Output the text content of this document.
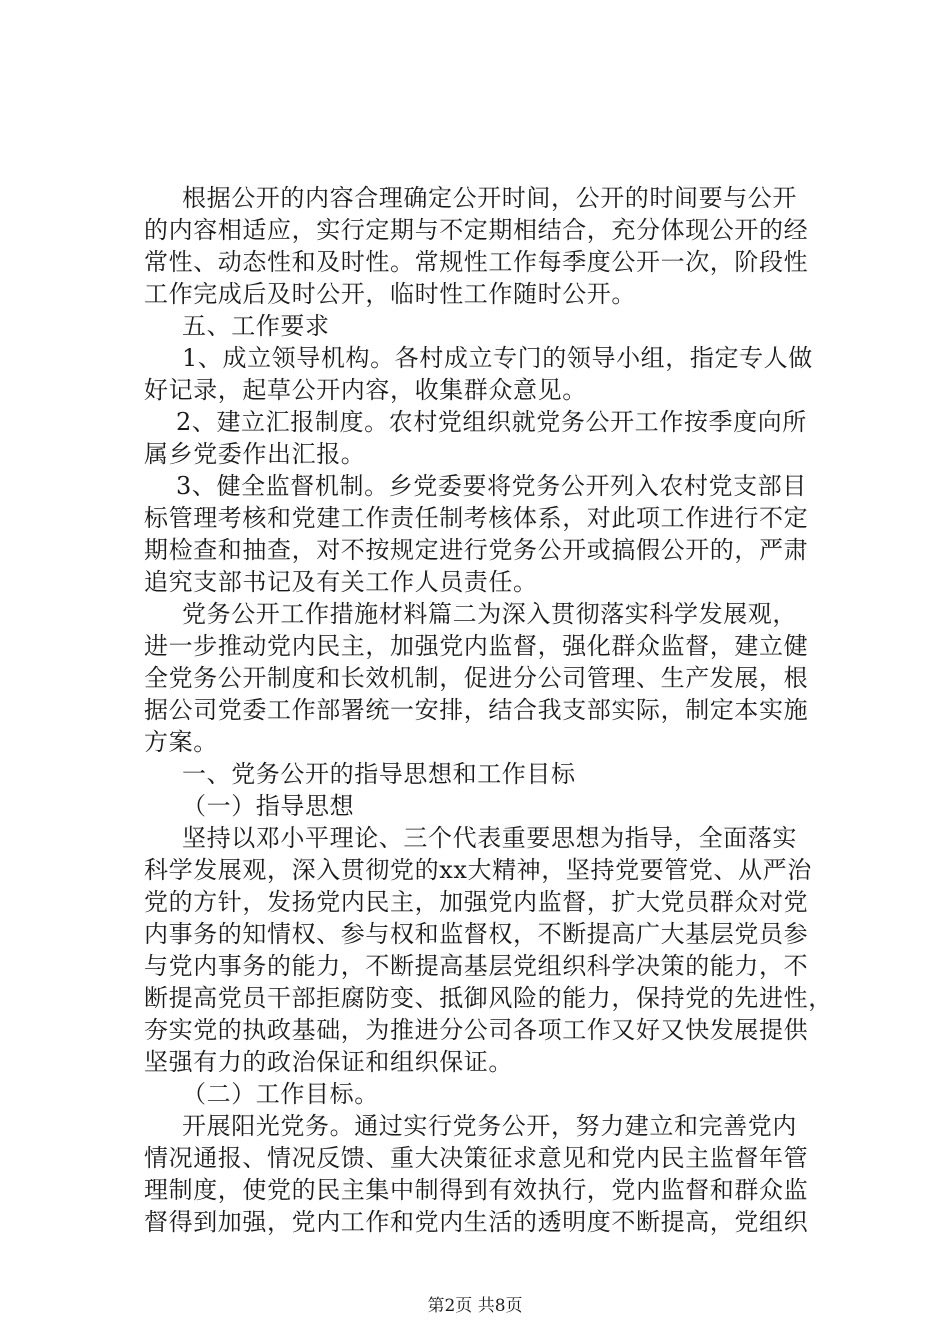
根据公开的内容合理确定公开时间，公开的时间要与公开
的内容相适应，实行定期与不定期相结合，充分体现公开的经
常性、动态性和及时性。常规性工作每季度公开一次，阶段性
工作完成后及时公开，临时性工作随时公开。
五、工作要求
1、成立领导机构。各村成立专门的领导小组，指定专人做
好记录，起草公开内容，收集群众意见。
2、建立汇报制度。农村党组织就党务公开工作按季度向所
属乡党委作出汇报。
3、健全监督机制。乡党委要将党务公开列入农村党支部目
标管理考核和党建工作责任制考核体系，对此项工作进行不定
期检查和抽查，对不按规定进行党务公开或搞假公开的，严肃
追究支部书记及有关工作人员责任。
党务公开工作措施材料篇二为深入贯彻落实科学发展观，
进一步推动党内民主，加强党内监督，强化群众监督，建立健
全党务公开制度和长效机制，促进分公司管理、生产发展，根
据公司党委工作部署统一安排，结合我支部实际，制定本实施
方案。
一、党务公开的指导思想和工作目标
（一）指导思想
坚持以邓小平理论、三个代表重要思想为指导，全面落实
科学发展观，深入贯彻党的xx大精神，坚持党要管党、从严治
党的方针，发扬党内民主，加强党内监督，扩大党员群众对党
内事务的知情权、参与权和监督权，不断提高广大基层党员参
与党内事务的能力，不断提高基层党组织科学决策的能力，不
断提高党员干部拒腐防变、抵御风险的能力，保持党的先进性，
夯实党的执政基础，为推进分公司各项工作又好又快发展提供
坚强有力的政治保证和组织保证。
（二）工作目标。
开展阳光党务。通过实行党务公开，努力建立和完善党内
情况通报、情况反馈、重大决策征求意见和党内民主监督年管
理制度，使党的民主集中制得到有效执行，党内监督和群众监
督得到加强，党内工作和党内生活的透明度不断提高，党组织
第2页 共8页
